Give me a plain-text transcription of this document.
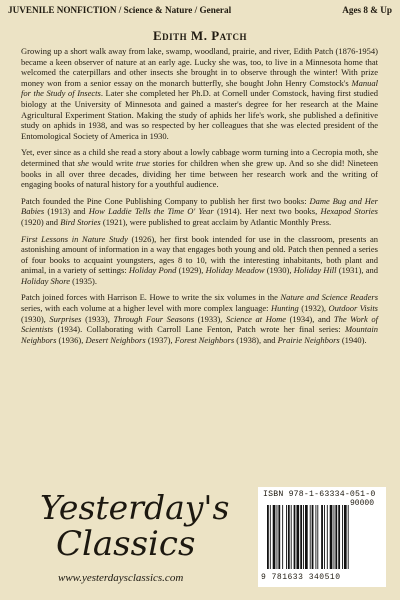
JUVENILE NONFICTION / Science & Nature / General	Ages 8 & Up
Edith M. Patch

Growing up a short walk away from lake, swamp, woodland, prairie, and river, Edith Patch (1876-1954) became a keen observer of nature at an early age. Lucky she was, too, to live in a Minnesota home that welcomed the caterpillars and other insects she brought in to observe through the winter! With prize money won from a senior essay on the monarch butterfly, she bought John Henry Comstock's Manual for the Study of Insects. Later she completed her Ph.D. at Cornell under Comstock, having first studied biology at the University of Minnesota and gained a master's degree for her research at the Maine Agricultural Experiment Station. Making the study of aphids her life's work, she published a definitive study on aphids in 1938, and was so respected by her colleagues that she was elected president of the Entomological Society of America in 1930.

Yet, ever since as a child she read a story about a lowly cabbage worm turning into a Cecropia moth, she determined that she would write true stories for children when she grew up. And so she did! Nineteen books in all over three decades, dividing her time between her research work and the writing of engaging books of natural history for a youthful audience.

Patch founded the Pine Cone Publishing Company to publish her first two books: Dame Bug and Her Babies (1913) and How Laddie Tells the Time O' Year (1914). Her next two books, Hexapod Stories (1920) and Bird Stories (1921), were published to great acclaim by Atlantic Monthly Press.

First Lessons in Nature Study (1926), her first book intended for use in the classroom, presents an astonishing amount of information in a way that engages both young and old. Patch then penned a series of four books to acquaint youngsters, ages 8 to 10, with the interesting inhabitants, both plant and animal, in a variety of settings: Holiday Pond (1929), Holiday Meadow (1930), Holiday Hill (1931), and Holiday Shore (1935).

Patch joined forces with Harrison E. Howe to write the six volumes in the Nature and Science Readers series, with each volume at a higher level with more complex language: Hunting (1932), Outdoor Visits (1930), Surprises (1933), Through Four Seasons (1933), Science at Home (1934), and The Work of Scientists (1934). Collaborating with Carroll Lane Fenton, Patch wrote her final series: Mountain Neighbors (1936), Desert Neighbors (1937), Forest Neighbors (1938), and Prairie Neighbors (1940).

Yesterday's
Classics
www.yesterdaysclassics.com
ISBN 978-1-63334-051-0
90000
9 781633 340510
